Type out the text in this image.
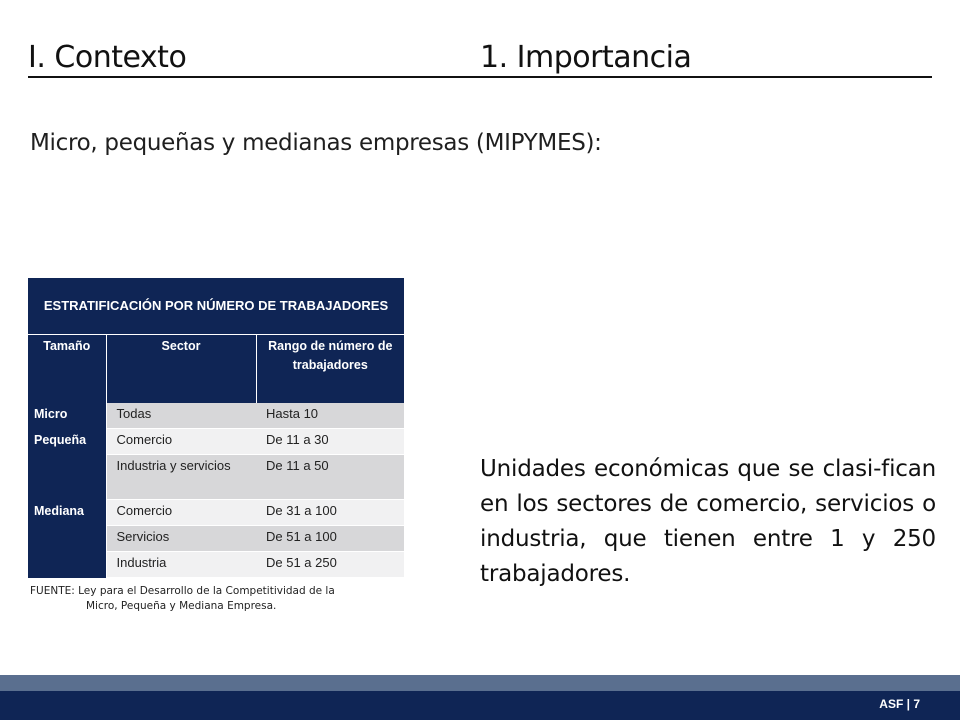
I. Contexto	1. Importancia
Micro, pequeñas y medianas empresas (MIPYMES):
ESTRATIFICACIÓN POR NÚMERO DE TRABAJADORES		
Tamaño	Sector	Rango de número de trabajadores
Micro	Todas	Hasta 10
Pequeña	Comercio	De 11 a 30
	Industria y servicios	De 11 a 50
Mediana	Comercio	De 31 a 100
	Servicios	De 51 a 100
	Industria	De 51 a 250
FUENTE: Ley para el Desarrollo de la Competitividad de la
Micro, Pequeña y Mediana Empresa.
Unidades económicas que se clasi-fican en los sectores de comercio, servicios o industria, que tienen entre 1 y 250 trabajadores.
ASF | 7
